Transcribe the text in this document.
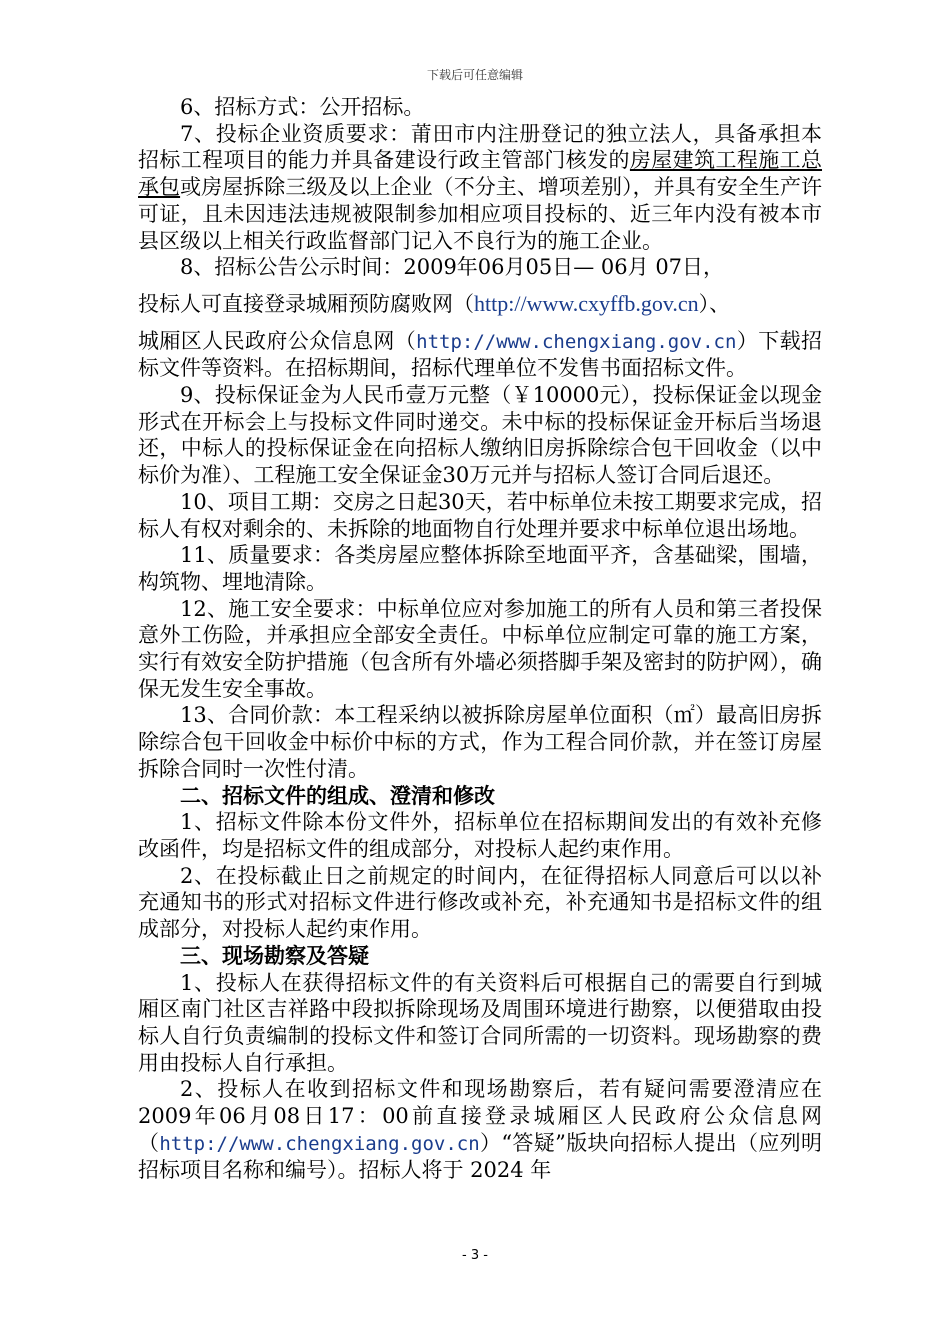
下载后可任意编辑

6、招标方式：公开招标。

7、投标企业资质要求：莆田市内注册登记的独立法人，具备承担本招标工程项目的能力并具备建设行政主管部门核发的房屋建筑工程施工总承包或房屋拆除三级及以上企业（不分主、增项差别），并具有安全生产许可证，且未因违法违规被限制参加相应项目投标的、近三年内没有被本市县区级以上相关行政监督部门记入不良行为的施工企业。

8、招标公告公示时间：2009年06月05日— 06月 07日，

投标人可直接登录城厢预防腐败网（http://www.cxyffb.gov.cn）、

城厢区人民政府公众信息网（http://www.chengxiang.gov.cn）下载招标文件等资料。在招标期间，招标代理单位不发售书面招标文件。

9、投标保证金为人民币壹万元整（￥10000元），投标保证金以现金形式在开标会上与投标文件同时递交。未中标的投标保证金开标后当场退还，中标人的投标保证金在向招标人缴纳旧房拆除综合包干回收金（以中标价为准）、工程施工安全保证金30万元并与招标人签订合同后退还。

10、项目工期：交房之日起30天，若中标单位未按工期要求完成，招标人有权对剩余的、未拆除的地面物自行处理并要求中标单位退出场地。

11、质量要求：各类房屋应整体拆除至地面平齐，含基础梁，围墙，构筑物、埋地清除。

12、施工安全要求：中标单位应对参加施工的所有人员和第三者投保意外工伤险，并承担应全部安全责任。中标单位应制定可靠的施工方案，实行有效安全防护措施（包含所有外墙必须搭脚手架及密封的防护网），确保无发生安全事故。

13、合同价款：本工程采纳以被拆除房屋单位面积（㎡）最高旧房拆除综合包干回收金中标价中标的方式，作为工程合同价款，并在签订房屋拆除合同时一次性付清。

二、招标文件的组成、澄清和修改

1、招标文件除本份文件外，招标单位在招标期间发出的有效补充修改函件，均是招标文件的组成部分，对投标人起约束作用。

2、在投标截止日之前规定的时间内，在征得招标人同意后可以以补充通知书的形式对招标文件进行修改或补充，补充通知书是招标文件的组成部分，对投标人起约束作用。

三、现场勘察及答疑

1、投标人在获得招标文件的有关资料后可根据自己的需要自行到城厢区南门社区吉祥路中段拟拆除现场及周围环境进行勘察，以便猎取由投标人自行负责编制的投标文件和签订合同所需的一切资料。现场勘察的费用由投标人自行承担。

2、投标人在收到招标文件和现场勘察后，若有疑问需要澄清应在2009年06月08日17：00前直接登录城厢区人民政府公众信息网（http://www.chengxiang.gov.cn）“答疑”版块向招标人提出（应列明招标项目名称和编号）。招标人将于 2024 年

- 3 -
